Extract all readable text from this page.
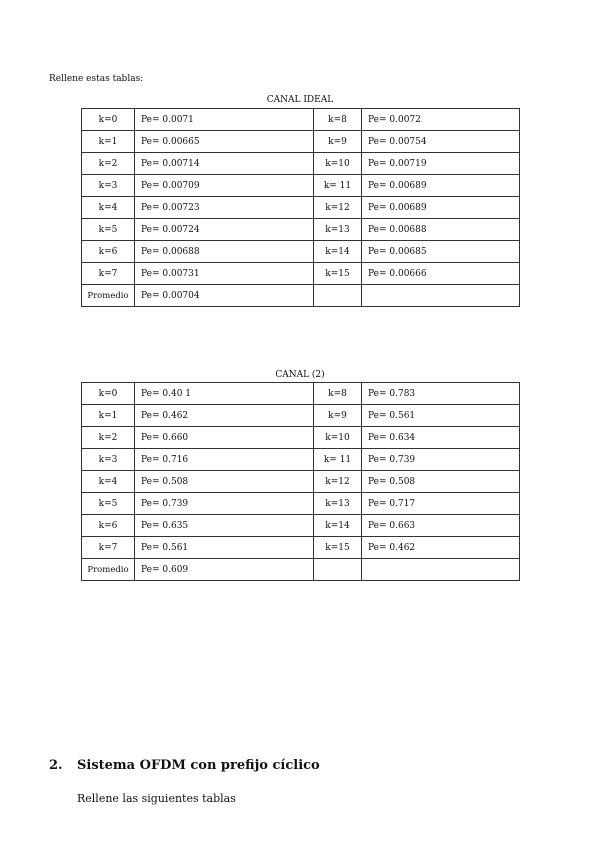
Rellene estas tablas:
CANAL IDEAL
k=0	Pe= 0.0071	k=8	Pe= 0.0072
k=1	Pe= 0.00665	k=9	Pe= 0.00754
k=2	Pe= 0.00714	k=10	Pe= 0.00719
k=3	Pe= 0.00709	k= 11	Pe= 0.00689
k=4	Pe= 0.00723	k=12	Pe= 0.00689
k=5	Pe= 0.00724	k=13	Pe= 0.00688
k=6	Pe= 0.00688	k=14	Pe= 0.00685
k=7	Pe= 0.00731	k=15	Pe= 0.00666
Promedio	Pe= 0.00704		
CANAL (2)
k=0	Pe= 0.40 1	k=8	Pe= 0.783
k=1	Pe= 0.462	k=9	Pe= 0.561
k=2	Pe= 0.660	k=10	Pe= 0.634
k=3	Pe= 0.716	k= 11	Pe= 0.739
k=4	Pe= 0.508	k=12	Pe= 0.508
k=5	Pe= 0.739	k=13	Pe= 0.717
k=6	Pe= 0.635	k=14	Pe= 0.663
k=7	Pe= 0.561	k=15	Pe= 0.462
Promedio	Pe= 0.609		
2. Sistema OFDM con prefijo cíclico
Rellene las siguientes tablas
